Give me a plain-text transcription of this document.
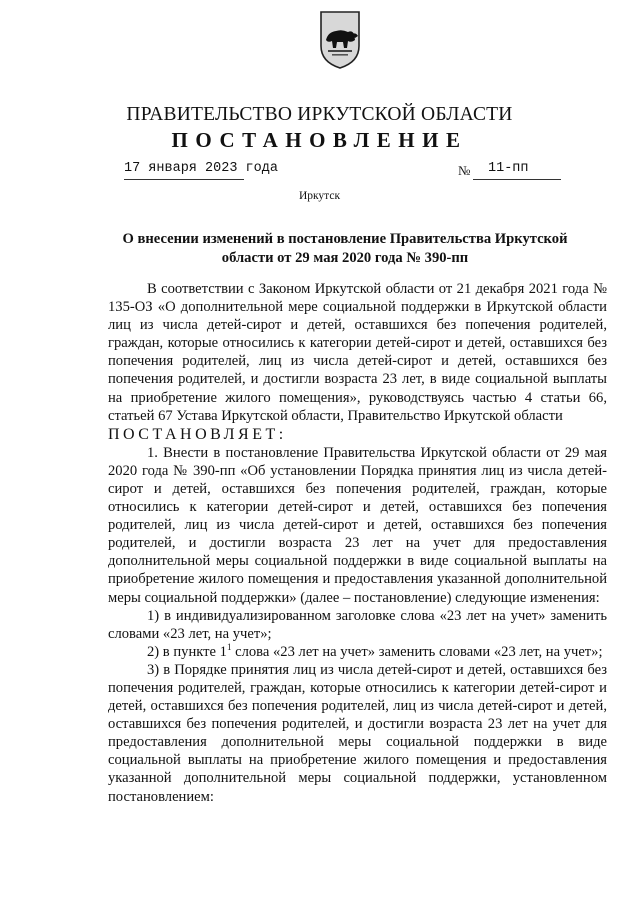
ПРАВИТЕЛЬСТВО ИРКУТСКОЙ ОБЛАСТИ
ПОСТАНОВЛЕНИЕ
17 января 2023 года	№ 11-пп
Иркутск
О внесении изменений в постановление Правительства Иркутской области от 29 мая 2020 года № 390-пп

В соответствии с Законом Иркутской области от 21 декабря 2021 года № 135-ОЗ «О дополнительной мере социальной поддержки в Иркутской области лиц из числа детей-сирот и детей, оставшихся без попечения родителей, граждан, которые относились к категории детей-сирот и детей, оставшихся без попечения родителей, лиц из числа детей-сирот и детей, оставшихся без попечения родителей, и достигли возраста 23 лет, в виде социальной выплаты на приобретение жилого помещения», руководствуясь частью 4 статьи 66, статьей 67 Устава Иркутской области, Правительство Иркутской области

ПОСТАНОВЛЯЕТ:

1. Внести в постановление Правительства Иркутской области от 29 мая 2020 года № 390-пп «Об установлении Порядка принятия лиц из числа детей-сирот и детей, оставшихся без попечения родителей, граждан, которые относились к категории детей-сирот и детей, оставшихся без попечения родителей, лиц из числа детей-сирот и детей, оставшихся без попечения родителей, и достигли возраста 23 лет на учет для предоставления дополнительной меры социальной поддержки в виде социальной выплаты на приобретение жилого помещения и предоставления указанной дополнительной меры социальной поддержки» (далее – постановление) следующие изменения:

1) в индивидуализированном заголовке слова «23 лет на учет» заменить словами «23 лет, на учет»;

2) в пункте $1^1$ слова «23 лет на учет» заменить словами «23 лет, на учет»;

3) в Порядке принятия лиц из числа детей-сирот и детей, оставшихся без попечения родителей, граждан, которые относились к категории детей-сирот и детей, оставшихся без попечения родителей, лиц из числа детей-сирот и детей, оставшихся без попечения родителей, и достигли возраста 23 лет на учет для предоставления дополнительной меры социальной поддержки в виде социальной выплаты на приобретение жилого помещения и предоставления указанной дополнительной меры социальной поддержки, установленном постановлением:
